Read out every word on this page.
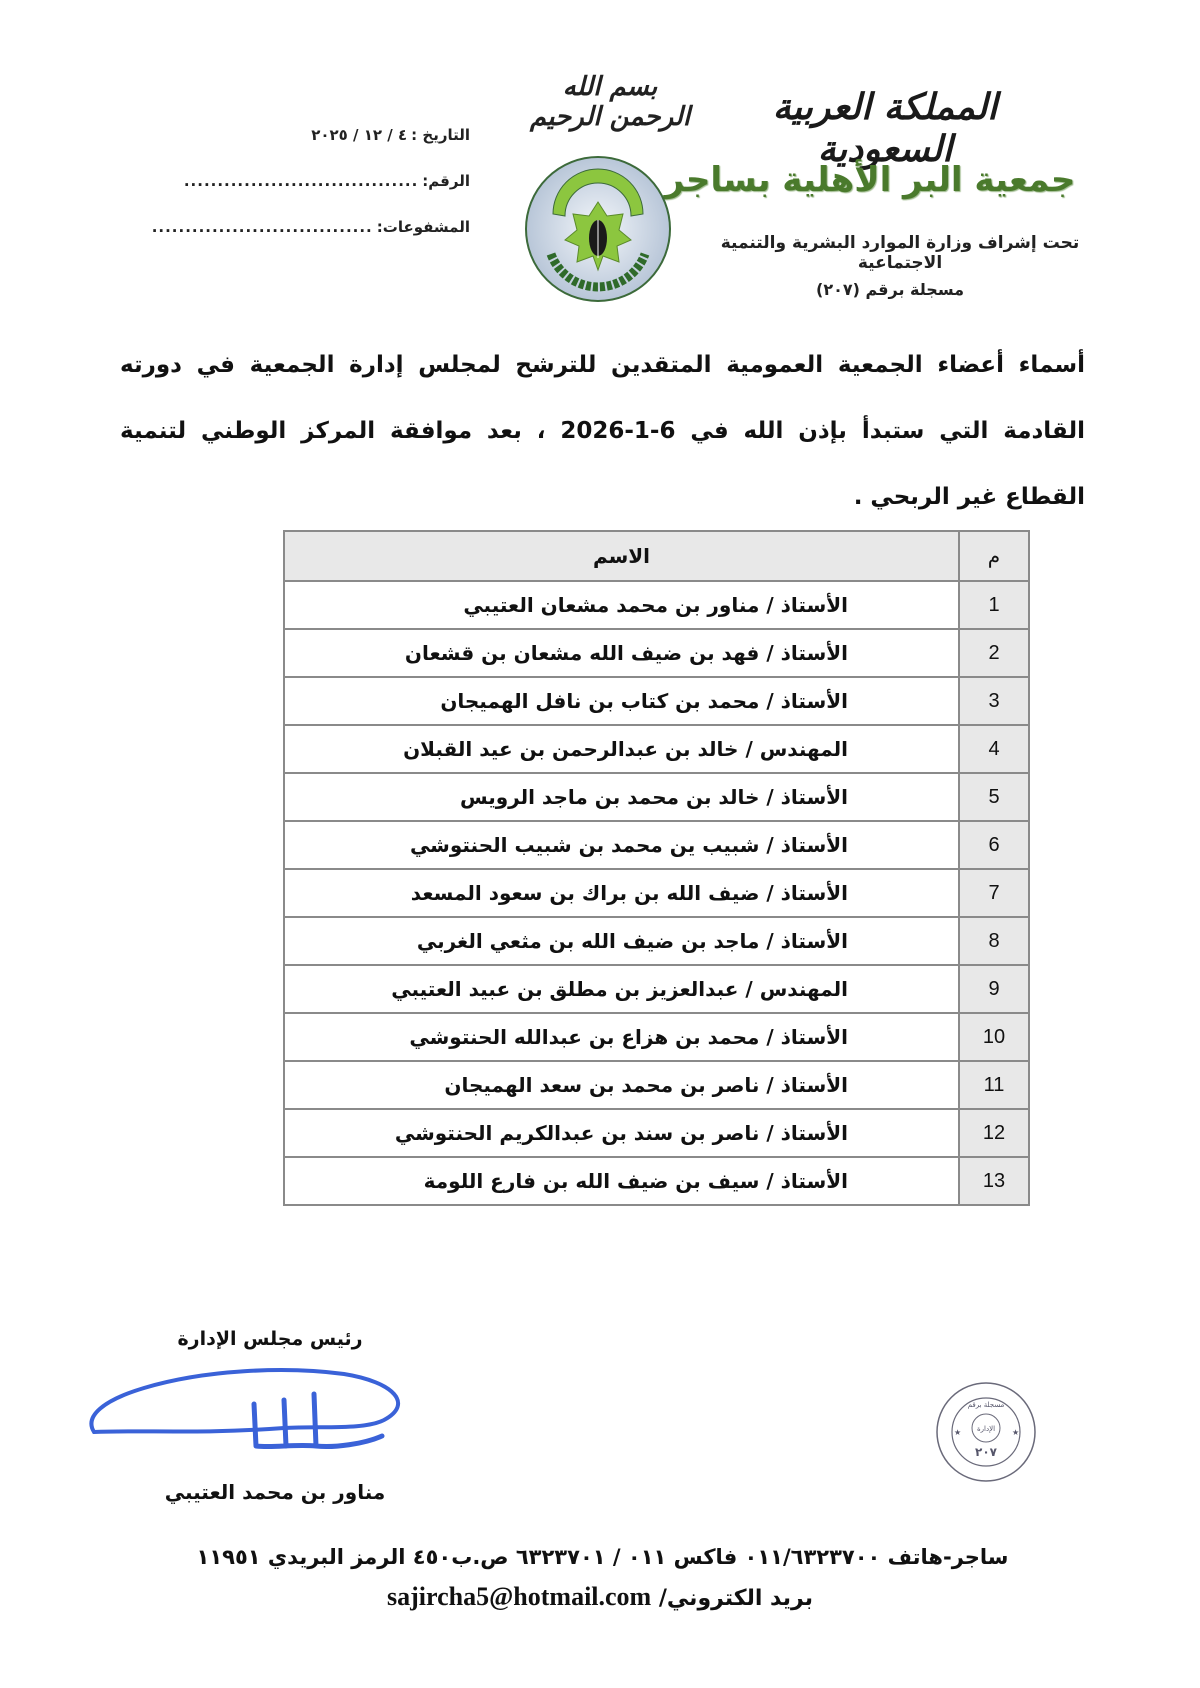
المملكة العربية السعودية
جمعية البر الأهلية بساجر
تحت إشراف وزارة الموارد البشرية والتنمية الاجتماعية
مسجلة برقم (٢٠٧)
بسم الله الرحمن الرحيم
التاريخ :
٤ / ١٢ / ٢٠٢٥
الرقم:
...................................
المشفوعات:
.................................
أسماء أعضاء الجمعية العمومية المتقدين للترشح لمجلس إدارة الجمعية في دورته القادمة التي ستبدأ بإذن الله في 6-1-2026 ، بعد موافقة المركز الوطني لتنمية القطاع غير الربحي .
م	الاسم
1	الأستاذ / مناور بن محمد مشعان العتيبي
2	الأستاذ / فهد بن ضيف الله مشعان بن قشعان
3	الأستاذ / محمد بن كتاب بن نافل الهميجان
4	المهندس / خالد بن عبدالرحمن بن عيد القبلان
5	الأستاذ / خالد بن محمد بن ماجد الرويس
6	الأستاذ / شبيب ين محمد بن شبيب الحنتوشي
7	الأستاذ / ضيف الله بن براك بن سعود المسعد
8	الأستاذ / ماجد بن ضيف الله بن مثعي الغربي
9	المهندس / عبدالعزيز بن مطلق بن عبيد العتيبي
10	الأستاذ / محمد بن هزاع بن عبدالله الحنتوشي
11	الأستاذ / ناصر بن محمد بن سعد الهميجان
12	الأستاذ / ناصر بن سند بن عبدالكريم الحنتوشي
13	الأستاذ / سيف بن ضيف الله بن فارع اللومة
رئيس مجلس الإدارة
مناور بن محمد العتيبي
مسجلة برقم
الإدارة
٢٠٧
★	★
ساجر-هاتف ٠١١/٦٣٢٣٧٠٠ فاكس ٠١١ / ٦٣٢٣٧٠١ ص.ب٤٥٠ الرمز البريدي ١١٩٥١
بريد الكتروني/ sajircha5@hotmail.com
